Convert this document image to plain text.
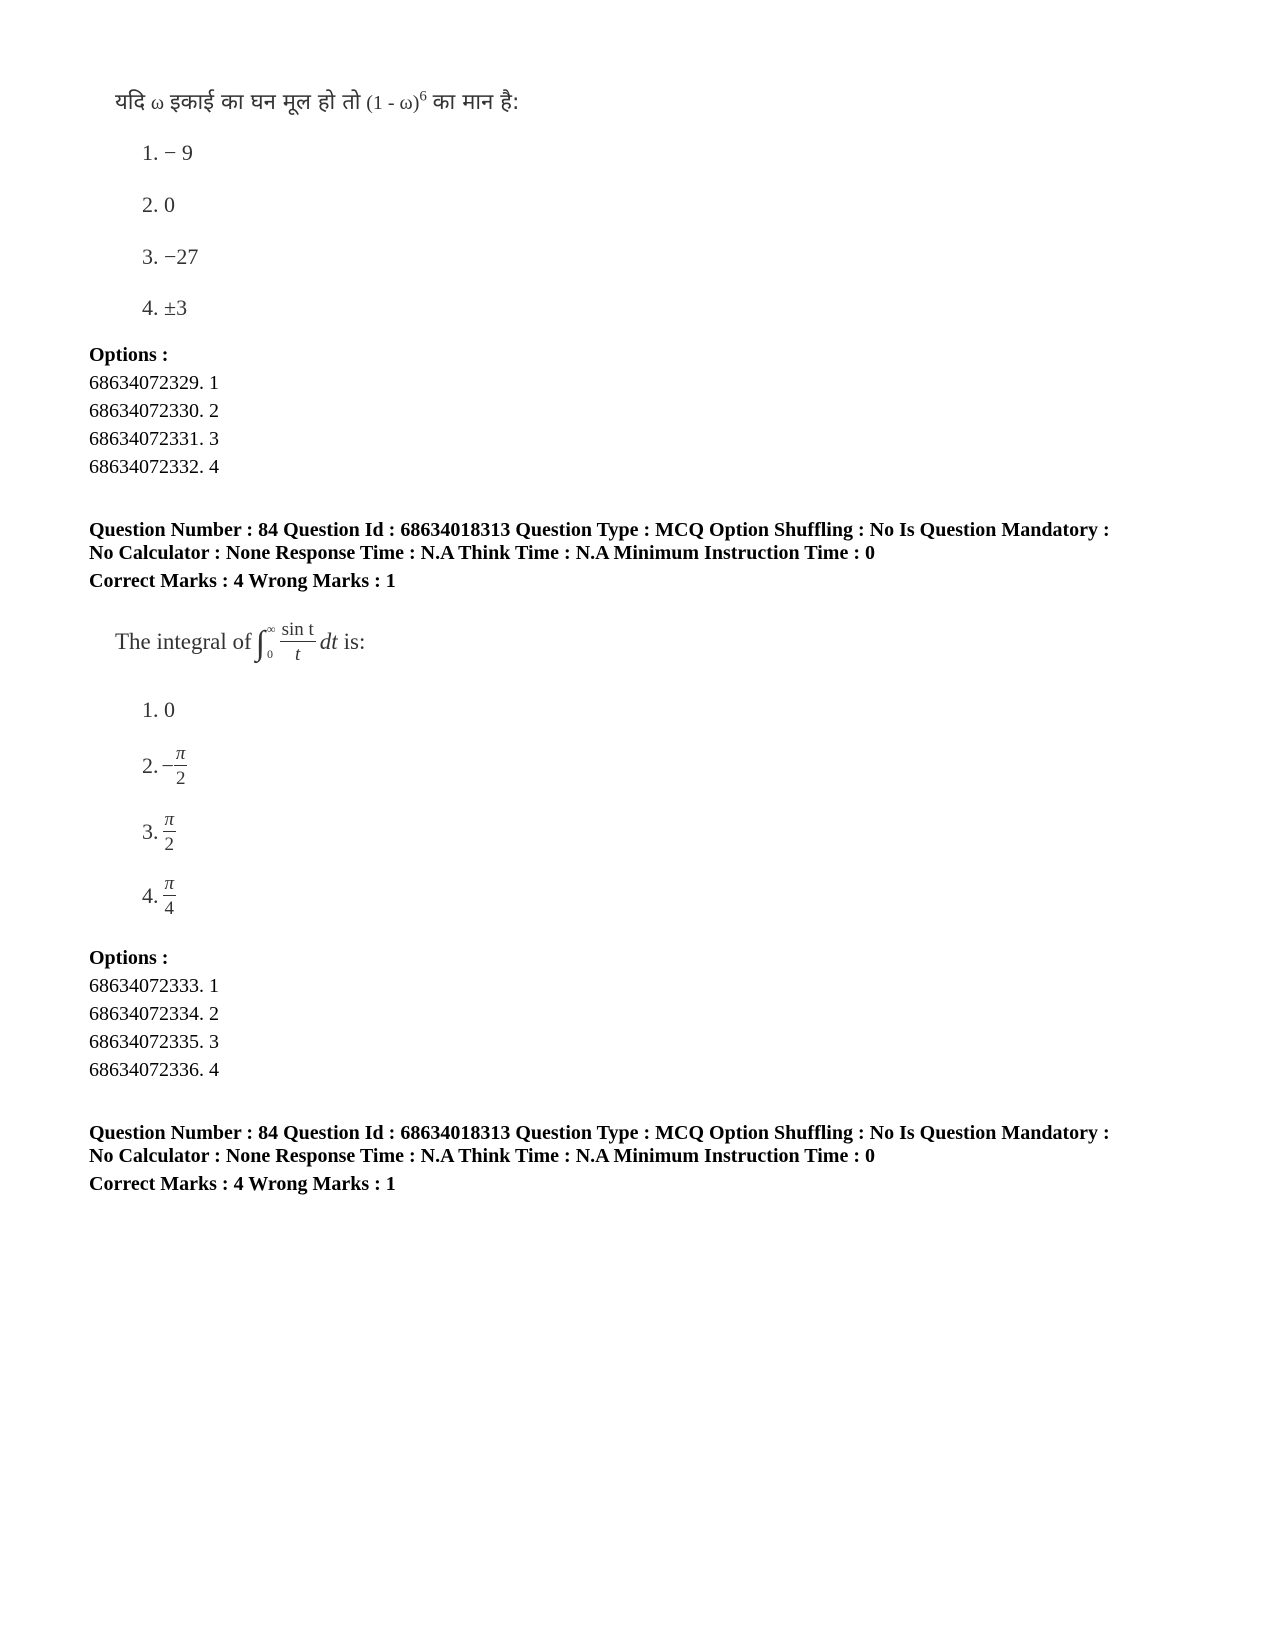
यदि ω इकाई का घन मूल हो तो (1 - ω)$^6$ का मान है:
1. − 9
2. 0
3. −27
4. ±3
Options :
68634072329. 1
68634072330. 2
68634072331. 3
68634072332. 4
Question Number : 84 Question Id : 68634018313 Question Type : MCQ Option Shuffling : No Is Question Mandatory :
No Calculator : None Response Time : N.A Think Time : N.A Minimum Instruction Time : 0
Correct Marks : 4 Wrong Marks : 1
The integral of ∫ ∞
$0 \frac{\text{sin t}}{t}$ dt is:
1. 0
2. − $\frac{\pi}{2}$
3. $\frac{\pi}{2}$
4. $\frac{\pi}{4}$
Options :
68634072333. 1
68634072334. 2
68634072335. 3
68634072336. 4
Question Number : 84 Question Id : 68634018313 Question Type : MCQ Option Shuffling : No Is Question Mandatory :
No Calculator : None Response Time : N.A Think Time : N.A Minimum Instruction Time : 0
Correct Marks : 4 Wrong Marks : 1
